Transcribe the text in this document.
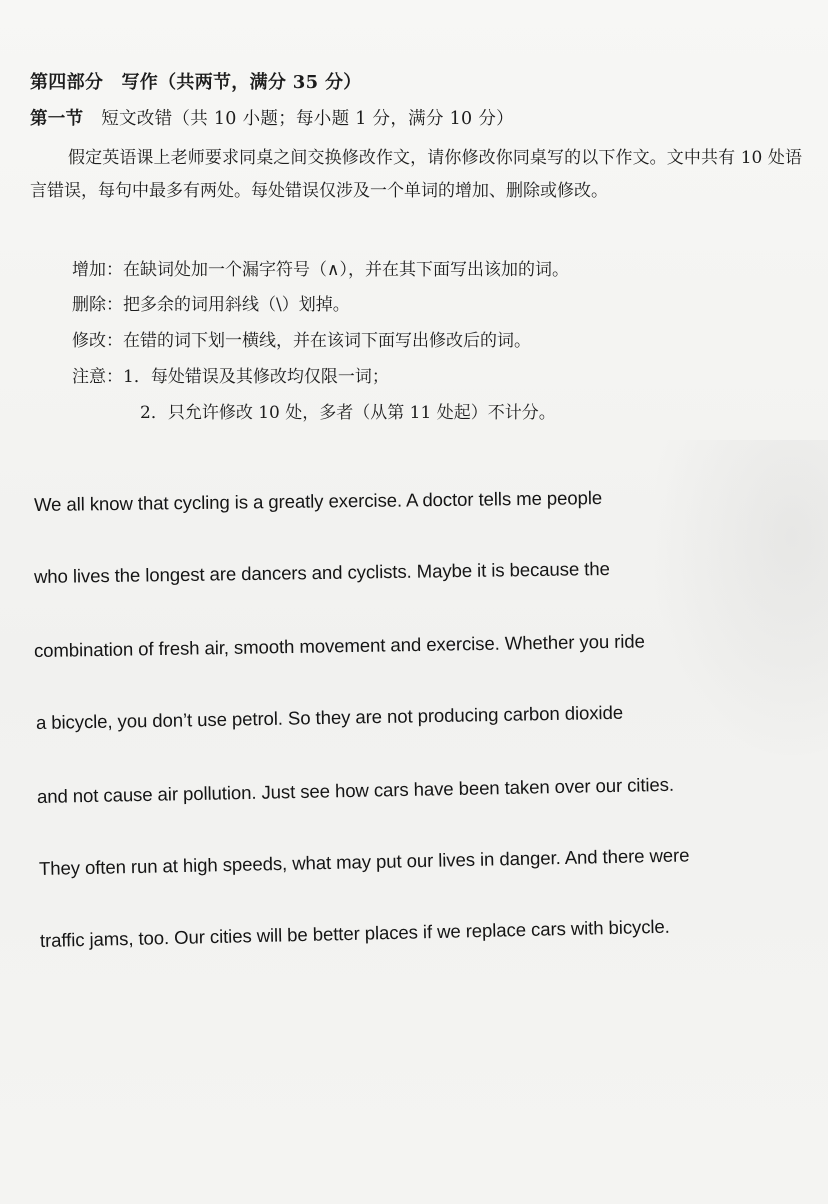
第四部分　写作（共两节，满分 35 分）
第一节　短文改错（共 10 小题；每小题 1 分，满分 10 分）
假定英语课上老师要求同桌之间交换修改作文，请你修改你同桌写的以下作文。文中共有 10 处语言错误，每句中最多有两处。每处错误仅涉及一个单词的增加、删除或修改。
增加：在缺词处加一个漏字符号（∧），并在其下面写出该加的词。
删除：把多余的词用斜线（\）划掉。
修改：在错的词下划一横线，并在该词下面写出修改后的词。
注意：1．每处错误及其修改均仅限一词；
2．只允许修改 10 处，多者（从第 11 处起）不计分。
We all know that cycling is a greatly exercise. A doctor tells me people
who lives the longest are dancers and cyclists. Maybe it is because the
combination of fresh air, smooth movement and exercise. Whether you ride
a bicycle, you don’t use petrol. So they are not producing carbon dioxide
and not cause air pollution. Just see how cars have been taken over our cities.
They often run at high speeds, what may put our lives in danger. And there were
traffic jams, too. Our cities will be better places if we replace cars with bicycle.
